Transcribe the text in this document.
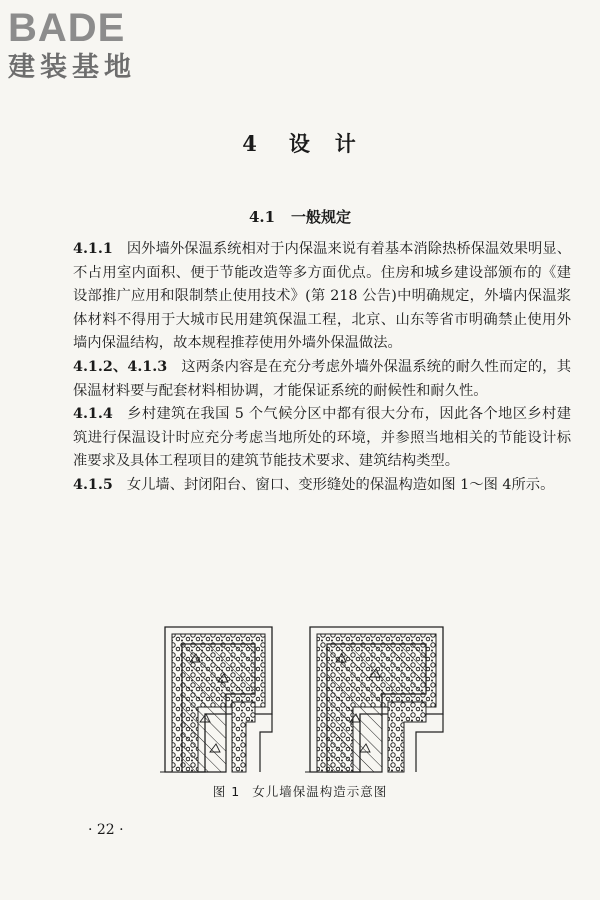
BADE
建装基地
4 设　计
4.1 一般规定

4.1.1 因外墙外保温系统相对于内保温来说有着基本消除热桥保温效果明显、不占用室内面积、便于节能改造等多方面优点。住房和城乡建设部颁布的《建设部推广应用和限制禁止使用技术》(第 218 公告)中明确规定，外墙内保温浆体材料不得用于大城市民用建筑保温工程，北京、山东等省市明确禁止使用外墙内保温结构，故本规程推荐使用外墙外保温做法。

4.1.2、4.1.3 这两条内容是在充分考虑外墙外保温系统的耐久性而定的，其保温材料要与配套材料相协调，才能保证系统的耐候性和耐久性。

4.1.4 乡村建筑在我国 5 个气候分区中都有很大分布，因此各个地区乡村建筑进行保温设计时应充分考虑当地所处的环境，并参照当地相关的节能设计标准要求及具体工程项目的建筑节能技术要求、建筑结构类型。

4.1.5 女儿墙、封闭阳台、窗口、变形缝处的保温构造如图 1～图 4所示。

图 1 女儿墙保温构造示意图
· 22 ·
